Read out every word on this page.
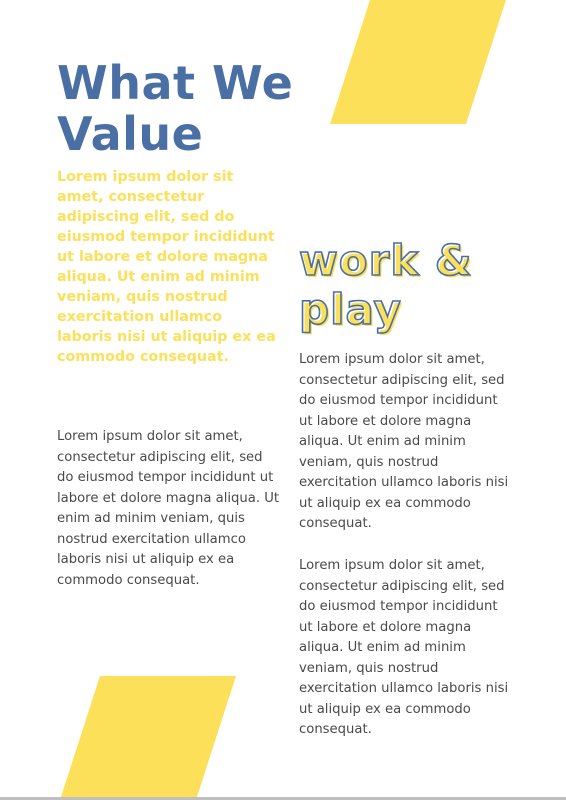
What We
Value

Lorem ipsum dolor sit amet, consectetur adipiscing elit, sed do eiusmod tempor incididunt ut labore et dolore magna aliqua. Ut enim ad minim veniam, quis nostrud exercitation ullamco laboris nisi ut aliquip ex ea commodo consequat.

Lorem ipsum dolor sit amet, consectetur adipiscing elit, sed do eiusmod tempor incididunt ut labore et dolore magna aliqua. Ut enim ad minim veniam, quis nostrud exercitation ullamco laboris nisi ut aliquip ex ea commodo consequat.

work &
play

Lorem ipsum dolor sit amet, consectetur adipiscing elit, sed do eiusmod tempor incididunt ut labore et dolore magna aliqua. Ut enim ad minim veniam, quis nostrud exercitation ullamco laboris nisi ut aliquip ex ea commodo consequat.

Lorem ipsum dolor sit amet, consectetur adipiscing elit, sed do eiusmod tempor incididunt ut labore et dolore magna aliqua. Ut enim ad minim veniam, quis nostrud exercitation ullamco laboris nisi ut aliquip ex ea commodo consequat.
